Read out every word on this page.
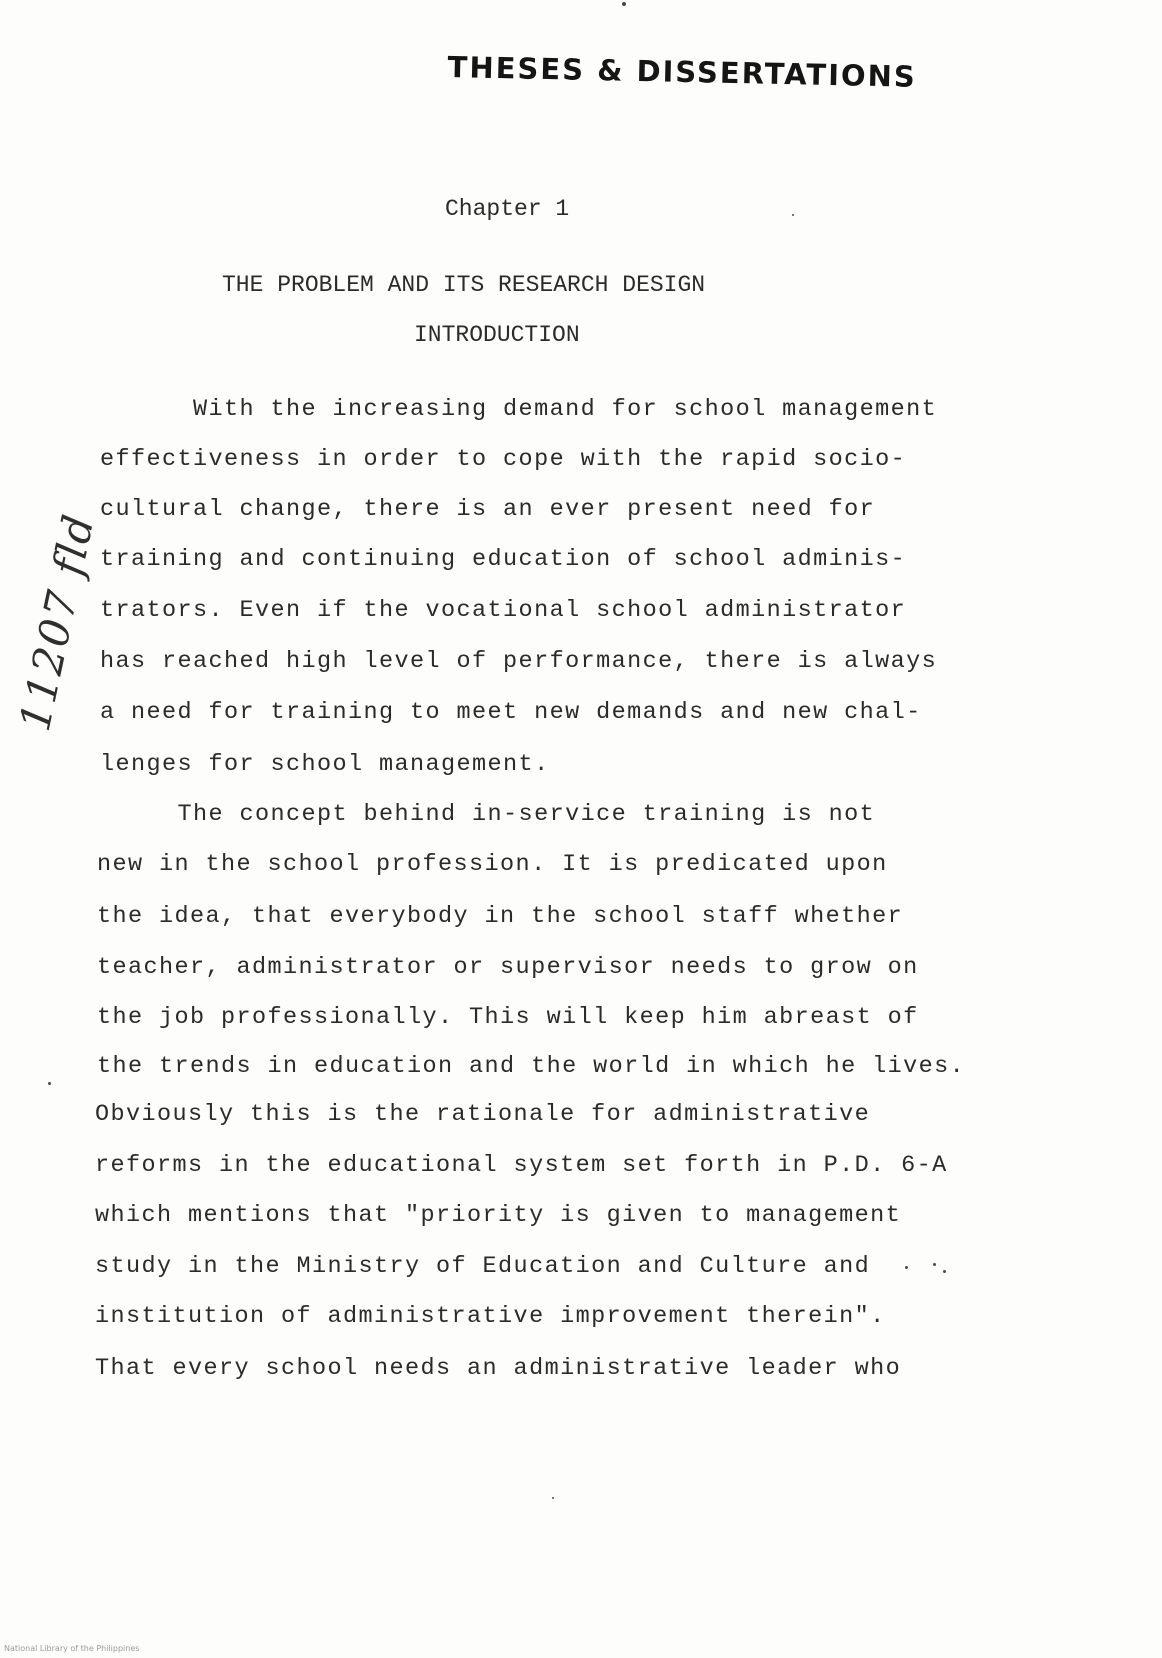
THESES & DISSERTATIONS
Chapter 1
THE PROBLEM AND ITS RESEARCH DESIGN
INTRODUCTION
With the increasing demand for school management
effectiveness in order to cope with the rapid socio-
cultural change, there is an ever present need for
training and continuing education of school adminis-
trators. Even if the vocational school administrator
has reached high level of performance, there is always
a need for training to meet new demands and new chal-
lenges for school management.
The concept behind in-service training is not
new in the school profession. It is predicated upon
the idea, that everybody in the school staff whether
teacher, administrator or supervisor needs to grow on
the job professionally. This will keep him abreast of
the trends in education and the world in which he lives.
Obviously this is the rationale for administrative
reforms in the educational system set forth in P.D. 6-A
which mentions that "priority is given to management
study in the Ministry of Education and Culture and
institution of administrative improvement therein".
That every school needs an administrative leader who
11207 fld
National Library of the Philippines
